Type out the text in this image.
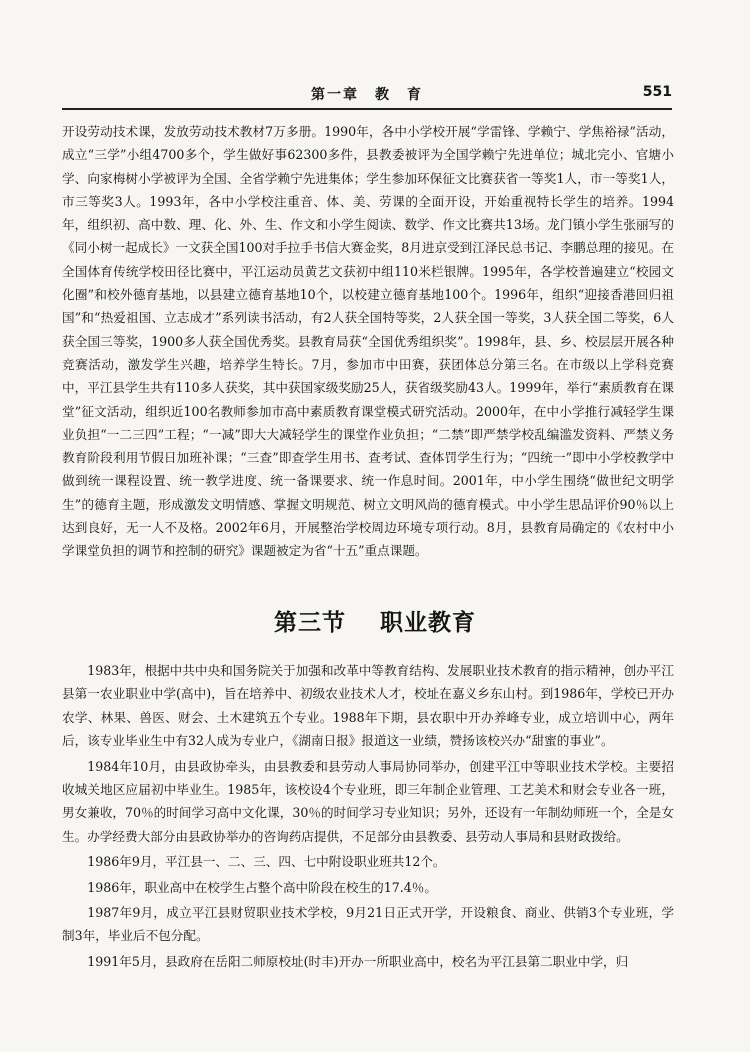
第一章　教　育	551

开设劳动技术课，发放劳动技术教材7万多册。1990年，各中小学校开展“学雷锋、学赖宁、学焦裕禄”活动，成立“三学”小组4700多个，学生做好事62300多件，县教委被评为全国学赖宁先进单位；城北完小、官塘小学、向家梅树小学被评为全国、全省学赖宁先进集体；学生参加环保征文比赛获省一等奖1人，市一等奖1人，市三等奖3人。1993年，各中小学校注重音、体、美、劳课的全面开设，开始重视特长学生的培养。1994年，组织初、高中数、理、化、外、生、作文和小学生阅读、数学、作文比赛共13场。龙门镇小学生张丽写的《同小树一起成长》一文获全国100对手拉手书信大赛金奖，8月进京受到江泽民总书记、李鹏总理的接见。在全国体育传统学校田径比赛中，平江运动员黄艺文获初中组110米栏银牌。1995年，各学校普遍建立“校园文化圈”和校外德育基地，以县建立德育基地10个，以校建立德育基地100个。1996年，组织“迎接香港回归祖国”和“热爱祖国、立志成才”系列读书活动，有2人获全国特等奖，2人获全国一等奖，3人获全国二等奖，6人获全国三等奖，1900多人获全国优秀奖。县教育局获“全国优秀组织奖”。1998年，县、乡、校层层开展各种竞赛活动，激发学生兴趣，培养学生特长。7月，参加市中田赛，获团体总分第三名。在市级以上学科竞赛中，平江县学生共有110多人获奖，其中获国家级奖励25人，获省级奖励43人。1999年，举行“素质教育在课堂”征文活动，组织近100名教师参加市高中素质教育课堂模式研究活动。2000年，在中小学推行减轻学生课业负担“一二三四”工程；“一减”即大大减轻学生的课堂作业负担；“二禁”即严禁学校乱编滥发资料、严禁义务教育阶段利用节假日加班补课；“三查”即查学生用书、查考试、查体罚学生行为；“四统一”即中小学校教学中做到统一课程设置、统一教学进度、统一备课要求、统一作息时间。2001年，中小学生围绕“做世纪文明学生”的德育主题，形成激发文明情感、掌握文明规范、树立文明风尚的德育模式。中小学生思品评价90％以上达到良好，无一人不及格。2002年6月，开展整治学校周边环境专项行动。8月，县教育局确定的《农村中小学课堂负担的调节和控制的研究》课题被定为省“十五”重点课题。

第三节 职业教育

1983年，根据中共中央和国务院关于加强和改革中等教育结构、发展职业技术教育的指示精神，创办平江县第一农业职业中学(高中)，旨在培养中、初级农业技术人才，校址在嘉义乡东山村。到1986年，学校已开办农学、林果、兽医、财会、土木建筑五个专业。1988年下期，县农职中开办养峰专业，成立培训中心，两年后，该专业毕业生中有32人成为专业户，《湖南日报》报道这一业绩，赞扬该校兴办“甜蜜的事业”。

1984年10月，由县政协牵头，由县教委和县劳动人事局协同举办，创建平江中等职业技术学校。主要招收城关地区应届初中毕业生。1985年，该校设4个专业班，即三年制企业管理、工艺美术和财会专业各一班，男女兼收，70％的时间学习高中文化课，30％的时间学习专业知识；另外，还设有一年制幼师班一个，全是女生。办学经费大部分由县政协举办的咨询药店提供，不足部分由县教委、县劳动人事局和县财政拨给。

1986年9月，平江县一、二、三、四、七中附设职业班共12个。

1986年，职业高中在校学生占整个高中阶段在校生的17.4％。

1987年9月，成立平江县财贸职业技术学校，9月21日正式开学，开设粮食、商业、供销3个专业班，学制3年，毕业后不包分配。

1991年5月，县政府在岳阳二师原校址(时丰)开办一所职业高中，校名为平江县第二职业中学，归
